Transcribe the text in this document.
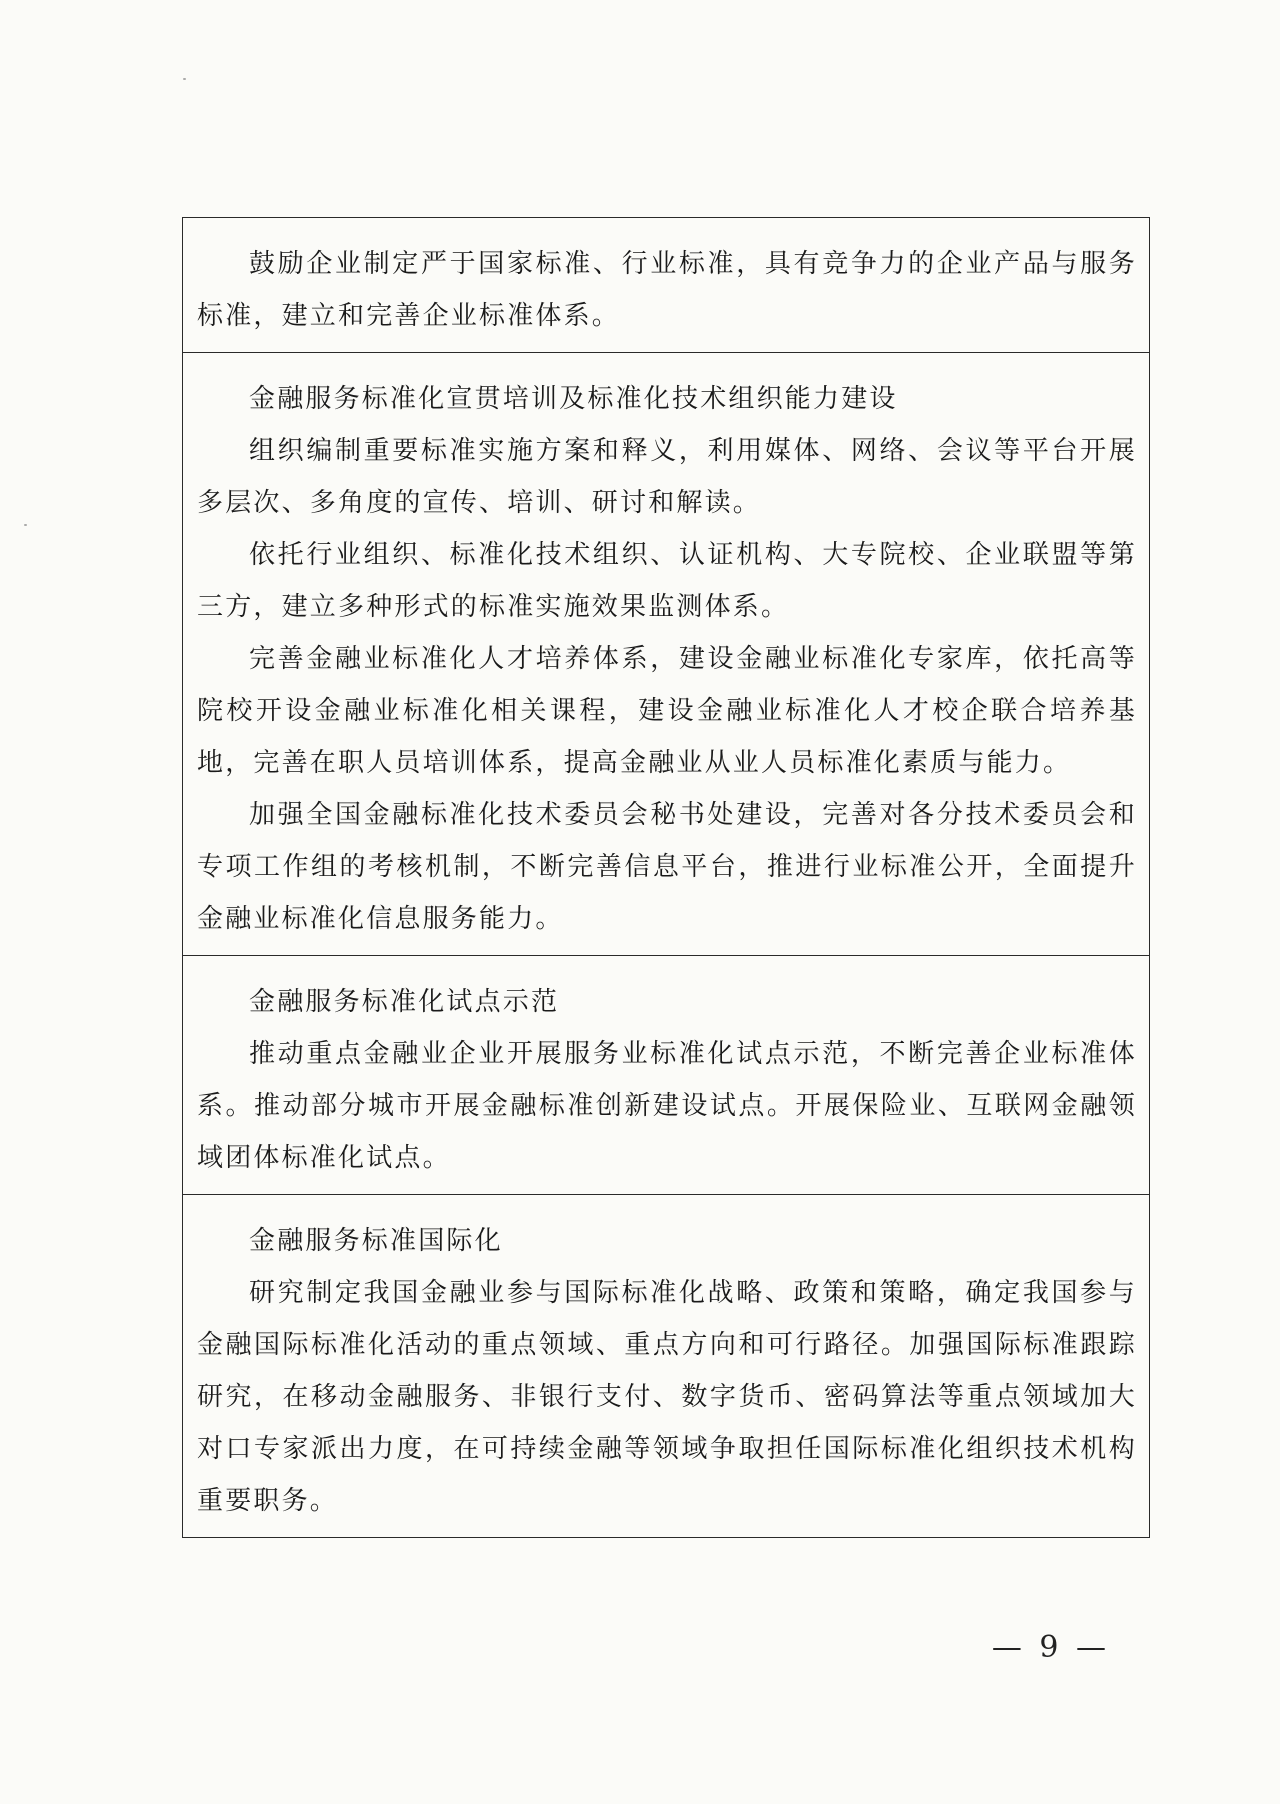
鼓励企业制定严于国家标准、行业标准，具有竞争力的企业产品与服务标准，建立和完善企业标准体系。

金融服务标准化宣贯培训及标准化技术组织能力建设

组织编制重要标准实施方案和释义，利用媒体、网络、会议等平台开展多层次、多角度的宣传、培训、研讨和解读。

依托行业组织、标准化技术组织、认证机构、大专院校、企业联盟等第三方，建立多种形式的标准实施效果监测体系。

完善金融业标准化人才培养体系，建设金融业标准化专家库，依托高等院校开设金融业标准化相关课程，建设金融业标准化人才校企联合培养基地，完善在职人员培训体系，提高金融业从业人员标准化素质与能力。

加强全国金融标准化技术委员会秘书处建设，完善对各分技术委员会和专项工作组的考核机制，不断完善信息平台，推进行业标准公开，全面提升金融业标准化信息服务能力。

金融服务标准化试点示范

推动重点金融业企业开展服务业标准化试点示范，不断完善企业标准体系。推动部分城市开展金融标准创新建设试点。开展保险业、互联网金融领域团体标准化试点。

金融服务标准国际化

研究制定我国金融业参与国际标准化战略、政策和策略，确定我国参与金融国际标准化活动的重点领域、重点方向和可行路径。加强国际标准跟踪研究，在移动金融服务、非银行支付、数字货币、密码算法等重点领域加大对口专家派出力度，在可持续金融等领域争取担任国际标准化组织技术机构重要职务。

— 9 —
